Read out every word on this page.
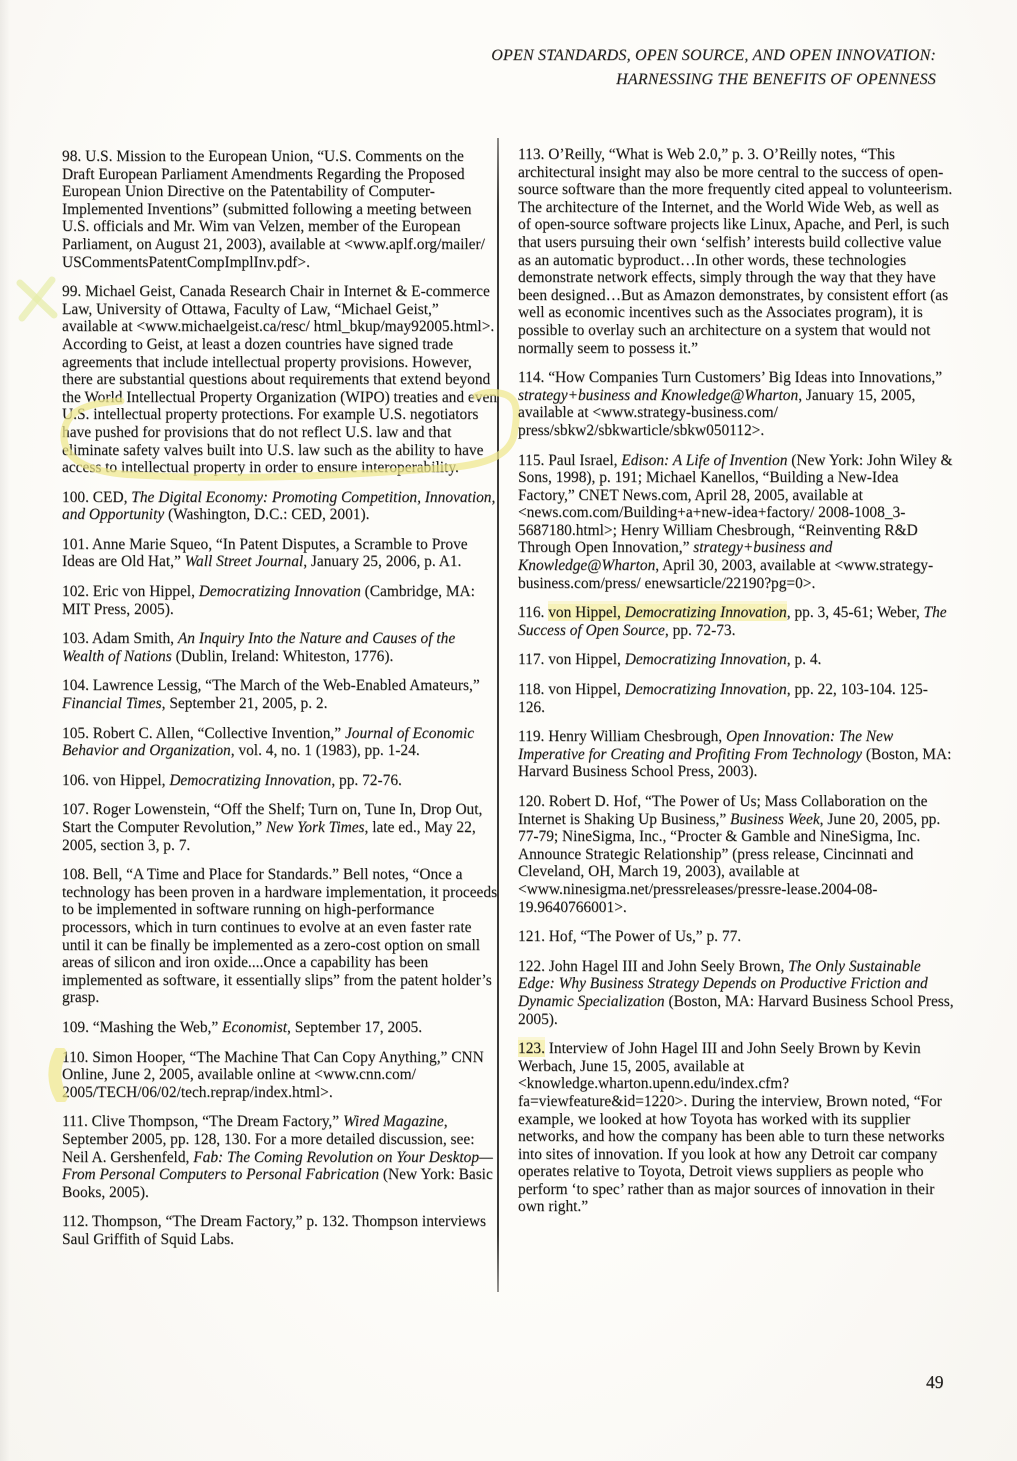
OPEN STANDARDS, OPEN SOURCE, AND OPEN INNOVATION:
HARNESSING THE BENEFITS OF OPENNESS

98. U.S. Mission to the European Union, “U.S. Comments on the Draft European Parliament Amendments Regarding the Proposed European Union Directive on the Patentability of Computer-Implemented Inventions” (submitted following a meeting between U.S. officials and Mr. Wim van Velzen, member of the European Parliament, on August 21, 2003), available at <www.aplf.org/mailer/ USCommentsPatentCompImplInv.pdf>.

99. Michael Geist, Canada Research Chair in Internet & E-commerce Law, University of Ottawa, Faculty of Law, “Michael Geist,” available at <www.michaelgeist.ca/resc/ html_bkup/may92005.html>. According to Geist, at least a dozen countries have signed trade agreements that include intellectual property provisions. However, there are substantial questions about requirements that extend beyond the World Intellectual Property Organization (WIPO) treaties and even U.S. intellectual property protections. For example U.S. negotiators have pushed for provisions that do not reflect U.S. law and that eliminate safety valves built into U.S. law such as the ability to have access to intellectual property in order to ensure interoperability.

100. CED, The Digital Economy: Promoting Competition, Innovation, and Opportunity (Washington, D.C.: CED, 2001).

101. Anne Marie Squeo, “In Patent Disputes, a Scramble to Prove Ideas are Old Hat,” Wall Street Journal, January 25, 2006, p. A1.

102. Eric von Hippel, Democratizing Innovation (Cambridge, MA: MIT Press, 2005).

103. Adam Smith, An Inquiry Into the Nature and Causes of the Wealth of Nations (Dublin, Ireland: Whiteston, 1776).

104. Lawrence Lessig, “The March of the Web-Enabled Amateurs,” Financial Times, September 21, 2005, p. 2.

105. Robert C. Allen, “Collective Invention,” Journal of Economic Behavior and Organization, vol. 4, no. 1 (1983), pp. 1-24.

106. von Hippel, Democratizing Innovation, pp. 72-76.

107. Roger Lowenstein, “Off the Shelf; Turn on, Tune In, Drop Out, Start the Computer Revolution,” New York Times, late ed., May 22, 2005, section 3, p. 7.

108. Bell, “A Time and Place for Standards.” Bell notes, “Once a technology has been proven in a hardware implementation, it proceeds to be implemented in software running on high-performance processors, which in turn continues to evolve at an even faster rate until it can be finally be implemented as a zero-cost option on small areas of silicon and iron oxide....Once a capability has been implemented as software, it essentially slips” from the patent holder’s grasp.

109. “Mashing the Web,” Economist, September 17, 2005.

110. Simon Hooper, “The Machine That Can Copy Anything,” CNN Online, June 2, 2005, available online at <www.cnn.com/ 2005/TECH/06/02/tech.reprap/index.html>.

111. Clive Thompson, “The Dream Factory,” Wired Magazine, September 2005, pp. 128, 130. For a more detailed discussion, see: Neil A. Gershenfeld, Fab: The Coming Revolution on Your Desktop—From Personal Computers to Personal Fabrication (New York: Basic Books, 2005).

112. Thompson, “The Dream Factory,” p. 132. Thompson interviews Saul Griffith of Squid Labs.

113. O’Reilly, “What is Web 2.0,” p. 3. O’Reilly notes, “This architectural insight may also be more central to the success of open-source software than the more frequently cited appeal to volunteerism. The architecture of the Internet, and the World Wide Web, as well as of open-source software projects like Linux, Apache, and Perl, is such that users pursuing their own ‘selfish’ interests build collective value as an automatic byproduct…In other words, these technologies demonstrate network effects, simply through the way that they have been designed…But as Amazon demonstrates, by consistent effort (as well as economic incentives such as the Associates program), it is possible to overlay such an architecture on a system that would not normally seem to possess it.”

114. “How Companies Turn Customers’ Big Ideas into Innovations,” strategy+business and Knowledge@Wharton, January 15, 2005, available at <www.strategy-business.com/ press/sbkw2/sbkwarticle/sbkw050112>.

115. Paul Israel, Edison: A Life of Invention (New York: John Wiley & Sons, 1998), p. 191; Michael Kanellos, “Building a New-Idea Factory,” CNET News.com, April 28, 2005, available at <news.com.com/Building+a+new-idea+factory/ 2008-1008_3-5687180.html>; Henry William Chesbrough, “Reinventing R&D Through Open Innovation,” strategy+business and Knowledge@Wharton, April 30, 2003, available at <www.strategy-business.com/press/ enewsarticle/22190?pg=0>.

116. von Hippel, Democratizing Innovation, pp. 3, 45-61; Weber, The Success of Open Source, pp. 72-73.

117. von Hippel, Democratizing Innovation, p. 4.

118. von Hippel, Democratizing Innovation, pp. 22, 103-104. 125-126.

119. Henry William Chesbrough, Open Innovation: The New Imperative for Creating and Profiting From Technology (Boston, MA: Harvard Business School Press, 2003).

120. Robert D. Hof, “The Power of Us; Mass Collaboration on the Internet is Shaking Up Business,” Business Week, June 20, 2005, pp. 77-79; NineSigma, Inc., “Procter & Gamble and NineSigma, Inc. Announce Strategic Relationship” (press release, Cincinnati and Cleveland, OH, March 19, 2003), available at <www.ninesigma.net/pressreleases/pressre-lease.2004-08-19.9640766001>.

121. Hof, “The Power of Us,” p. 77.

122. John Hagel III and John Seely Brown, The Only Sustainable Edge: Why Business Strategy Depends on Productive Friction and Dynamic Specialization (Boston, MA: Harvard Business School Press, 2005).

123. Interview of John Hagel III and John Seely Brown by Kevin Werbach, June 15, 2005, available at <knowledge.wharton.upenn.edu/index.cfm?fa=viewfeature&id=1220>. During the interview, Brown noted, “For example, we looked at how Toyota has worked with its supplier networks, and how the company has been able to turn these networks into sites of innovation. If you look at how any Detroit car company operates relative to Toyota, Detroit views suppliers as people who perform ‘to spec’ rather than as major sources of innovation in their own right.”

49
